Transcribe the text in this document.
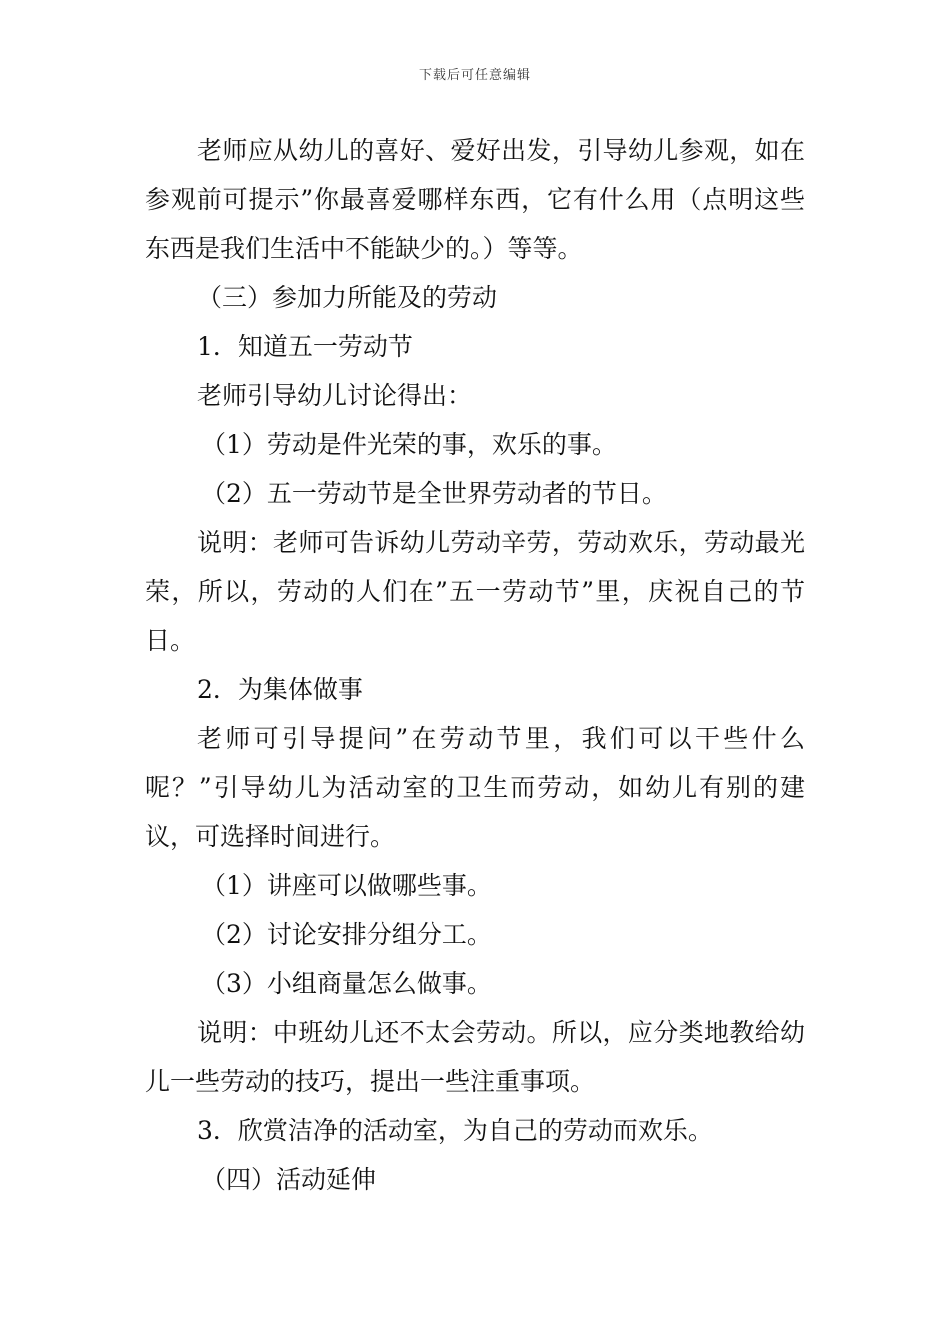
下载后可任意编辑

老师应从幼儿的喜好、爱好出发，引导幼儿参观，如在参观前可提示”你最喜爱哪样东西，它有什么用（点明这些东西是我们生活中不能缺少的。）等等。

（三）参加力所能及的劳动

1．知道五一劳动节

老师引导幼儿讨论得出：

（1）劳动是件光荣的事，欢乐的事。

（2）五一劳动节是全世界劳动者的节日。

说明：老师可告诉幼儿劳动辛劳，劳动欢乐，劳动最光荣，所以，劳动的人们在”五一劳动节”里，庆祝自己的节日。

2．为集体做事

老师可引导提问”在劳动节里，我们可以干些什么呢？”引导幼儿为活动室的卫生而劳动，如幼儿有别的建议，可选择时间进行。

（1）讲座可以做哪些事。

（2）讨论安排分组分工。

（3）小组商量怎么做事。

说明：中班幼儿还不太会劳动。所以，应分类地教给幼儿一些劳动的技巧，提出一些注重事项。

3．欣赏洁净的活动室，为自己的劳动而欢乐。

（四）活动延伸
